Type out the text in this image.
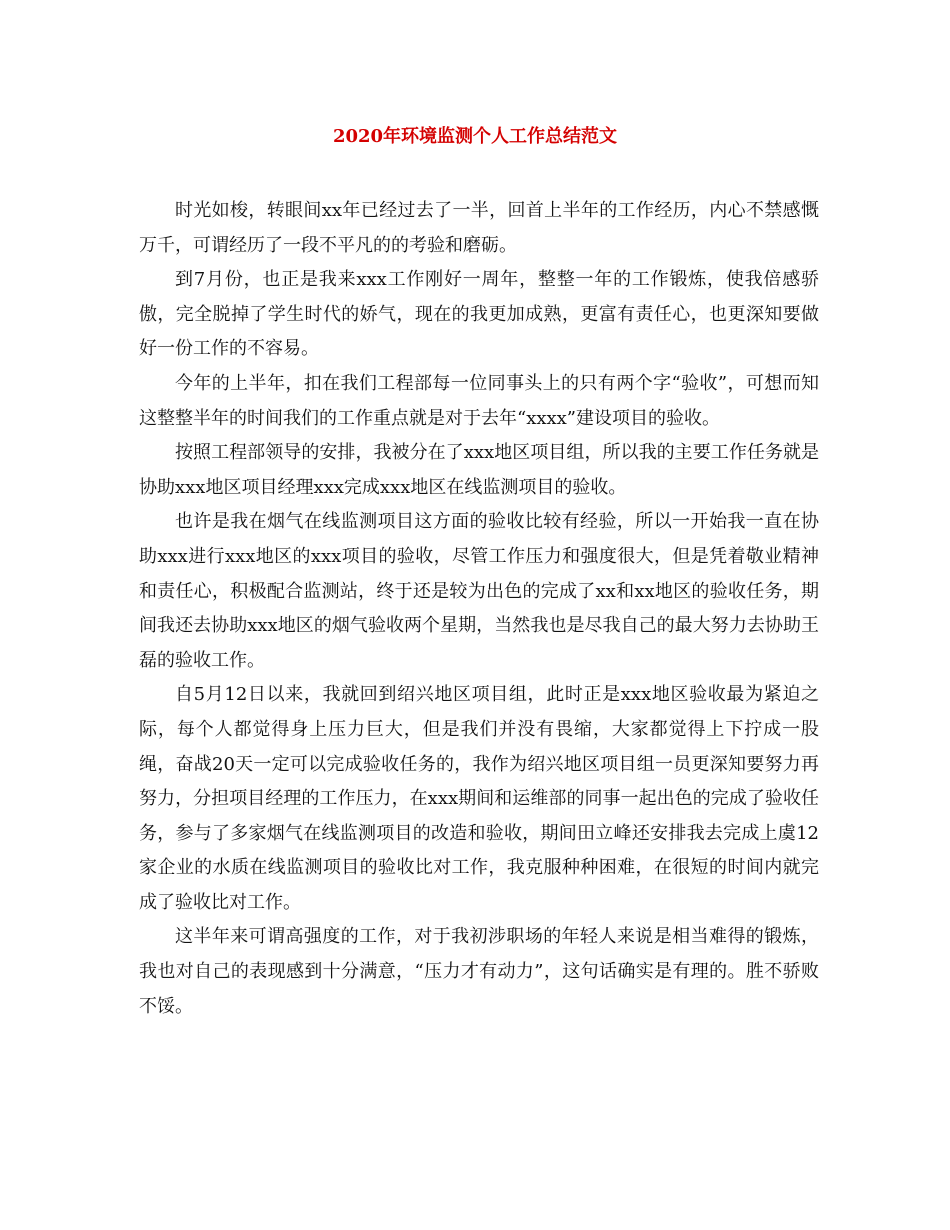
2020年环境监测个人工作总结范文

时光如梭，转眼间xx年已经过去了一半，回首上半年的工作经历，内心不禁感慨万千，可谓经历了一段不平凡的的考验和磨砺。

到7月份，也正是我来xxx工作刚好一周年，整整一年的工作锻炼，使我倍感骄傲，完全脱掉了学生时代的娇气，现在的我更加成熟，更富有责任心，也更深知要做好一份工作的不容易。

今年的上半年，扣在我们工程部每一位同事头上的只有两个字“验收”，可想而知这整整半年的时间我们的工作重点就是对于去年“xxxx”建设项目的验收。

按照工程部领导的安排，我被分在了xxx地区项目组，所以我的主要工作任务就是协助xxx地区项目经理xxx完成xxx地区在线监测项目的验收。

也许是我在烟气在线监测项目这方面的验收比较有经验，所以一开始我一直在协助xxx进行xxx地区的xxx项目的验收，尽管工作压力和强度很大，但是凭着敬业精神和责任心，积极配合监测站，终于还是较为出色的完成了xx和xx地区的验收任务，期间我还去协助xxx地区的烟气验收两个星期，当然我也是尽我自己的最大努力去协助王磊的验收工作。

自5月12日以来，我就回到绍兴地区项目组，此时正是xxx地区验收最为紧迫之际，每个人都觉得身上压力巨大，但是我们并没有畏缩，大家都觉得上下拧成一股绳，奋战20天一定可以完成验收任务的，我作为绍兴地区项目组一员更深知要努力再努力，分担项目经理的工作压力，在xxx期间和运维部的同事一起出色的完成了验收任务，参与了多家烟气在线监测项目的改造和验收，期间田立峰还安排我去完成上虞12家企业的水质在线监测项目的验收比对工作，我克服种种困难，在很短的时间内就完成了验收比对工作。

这半年来可谓高强度的工作，对于我初涉职场的年轻人来说是相当难得的锻炼，我也对自己的表现感到十分满意，“压力才有动力”，这句话确实是有理的。胜不骄败不馁。
